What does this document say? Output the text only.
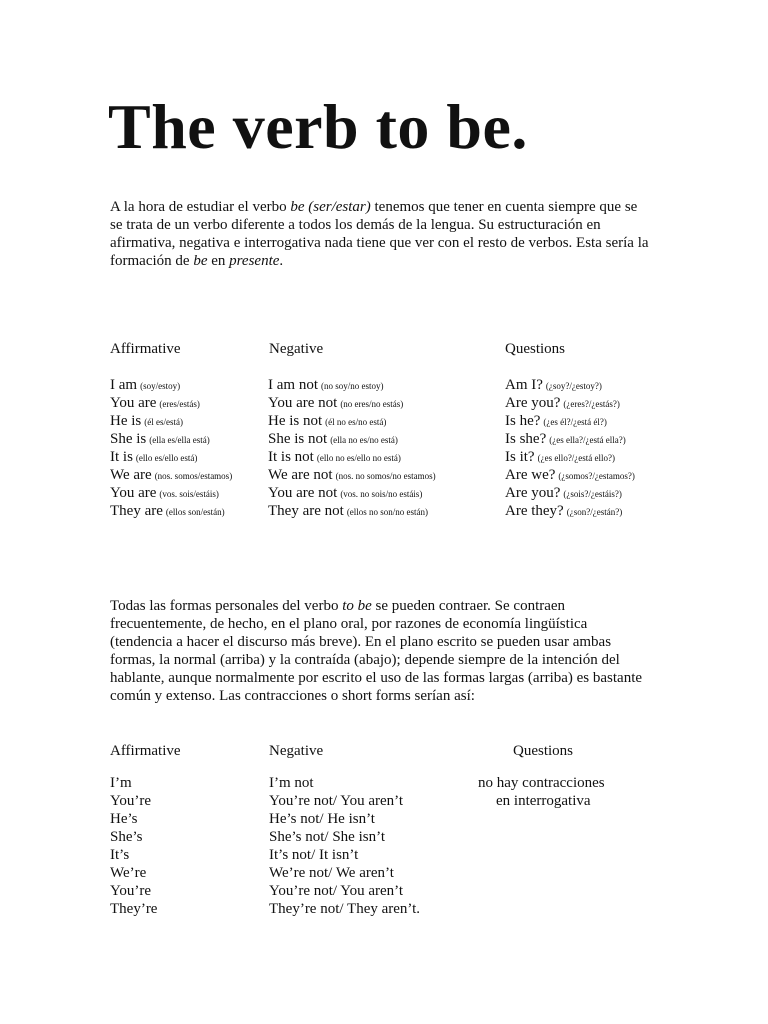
The verb to be.
A la hora de estudiar el verbo be (ser/estar) tenemos que tener en cuenta siempre que se se trata de un verbo diferente a todos los demás de la lengua. Su estructuración en afirmativa, negativa e interrogativa nada tiene que ver con el resto de verbos. Esta sería la formación de be en presente.
Affirmative	Negative	Questions
I am (soy/estoy)	I am not (no soy/no estoy)	Am I? (¿soy?/¿estoy?)
You are (eres/estás)	You are not (no eres/no estás)	Are you? (¿eres?/¿estás?)
He is (él es/está)	He is not (él no es/no está)	Is he? (¿es él?/¿está él?)
She is (ella es/ella está)	She is not (ella no es/no está)	Is she? (¿es ella?/¿está ella?)
It is (ello es/ello está)	It is not (ello no es/ello no está)	Is it? (¿es ello?/¿está ello?)
We are (nos. somos/estamos) We are not (nos. no somos/no estamos)	Are we? (¿somos?/¿estamos?)
You are (vos. sois/estáis)	You are not (vos. no sois/no estáis)	Are you? (¿sois?/¿estáis?)
They are (ellos son/están)	They are not (ellos no son/no están)	Are they? (¿son?/¿están?)
Todas las formas personales del verbo to be se pueden contraer. Se contraen frecuentemente, de hecho, en el plano oral, por razones de economía lingüística (tendencia a hacer el discurso más breve). En el plano escrito se pueden usar ambas formas, la normal (arriba) y la contraída (abajo); depende siempre de la intención del hablante, aunque normalmente por escrito el uso de las formas largas (arriba) es bastante común y extenso. Las contracciones o short forms serían así:
Affirmative	Negative	Questions
I’m	I’m not
You’re	You’re not/ You aren’t
He’s	He’s not/ He isn’t
She’s	She’s not/ She isn’t
It’s	It’s not/ It isn’t
We’re	We’re not/ We aren’t
You’re	You’re not/ You aren’t
They’re	They’re not/ They aren’t.
no hay contracciones
en interrogativa
